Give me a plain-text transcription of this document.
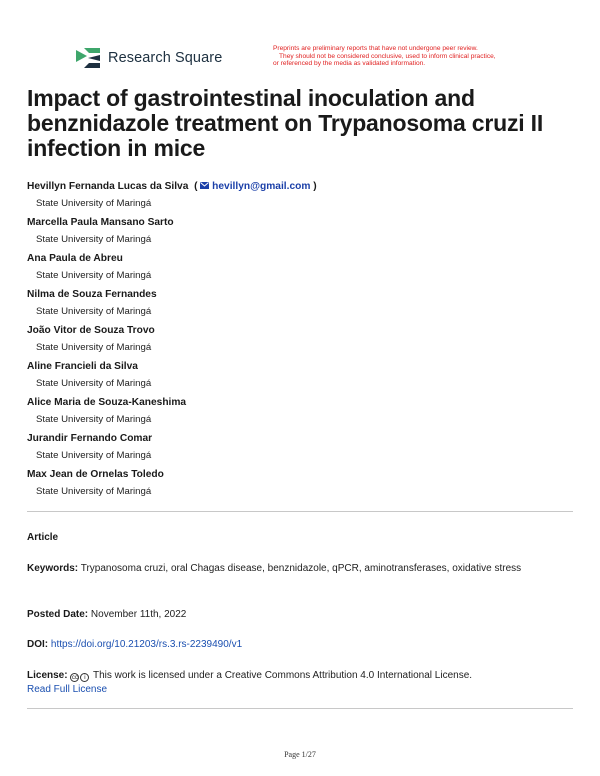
Research Square
Preprints are preliminary reports that have not undergone peer review.
They should not be considered conclusive, used to inform clinical practice,
or referenced by the media as validated information.
Impact of gastrointestinal inoculation and benznidazole treatment on Trypanosoma cruzi II infection in mice
Hevillyn Fernanda Lucas da Silva ( hevillyn@gmail.com )
State University of Maringá
Marcella Paula Mansano Sarto
State University of Maringá
Ana Paula de Abreu
State University of Maringá
Nilma de Souza Fernandes
State University of Maringá
João Vitor de Souza Trovo
State University of Maringá
Aline Francieli da Silva
State University of Maringá
Alice Maria de Souza-Kaneshima
State University of Maringá
Jurandir Fernando Comar
State University of Maringá
Max Jean de Ornelas Toledo
State University of Maringá
Article
Keywords: Trypanosoma cruzi, oral Chagas disease, benznidazole, qPCR, aminotransferases, oxidative stress
Posted Date: November 11th, 2022
DOI: https://doi.org/10.21203/rs.3.rs-2239490/v1
License: cc i This work is licensed under a Creative Commons Attribution 4.0 International License.
Read Full License
Page 1/27
